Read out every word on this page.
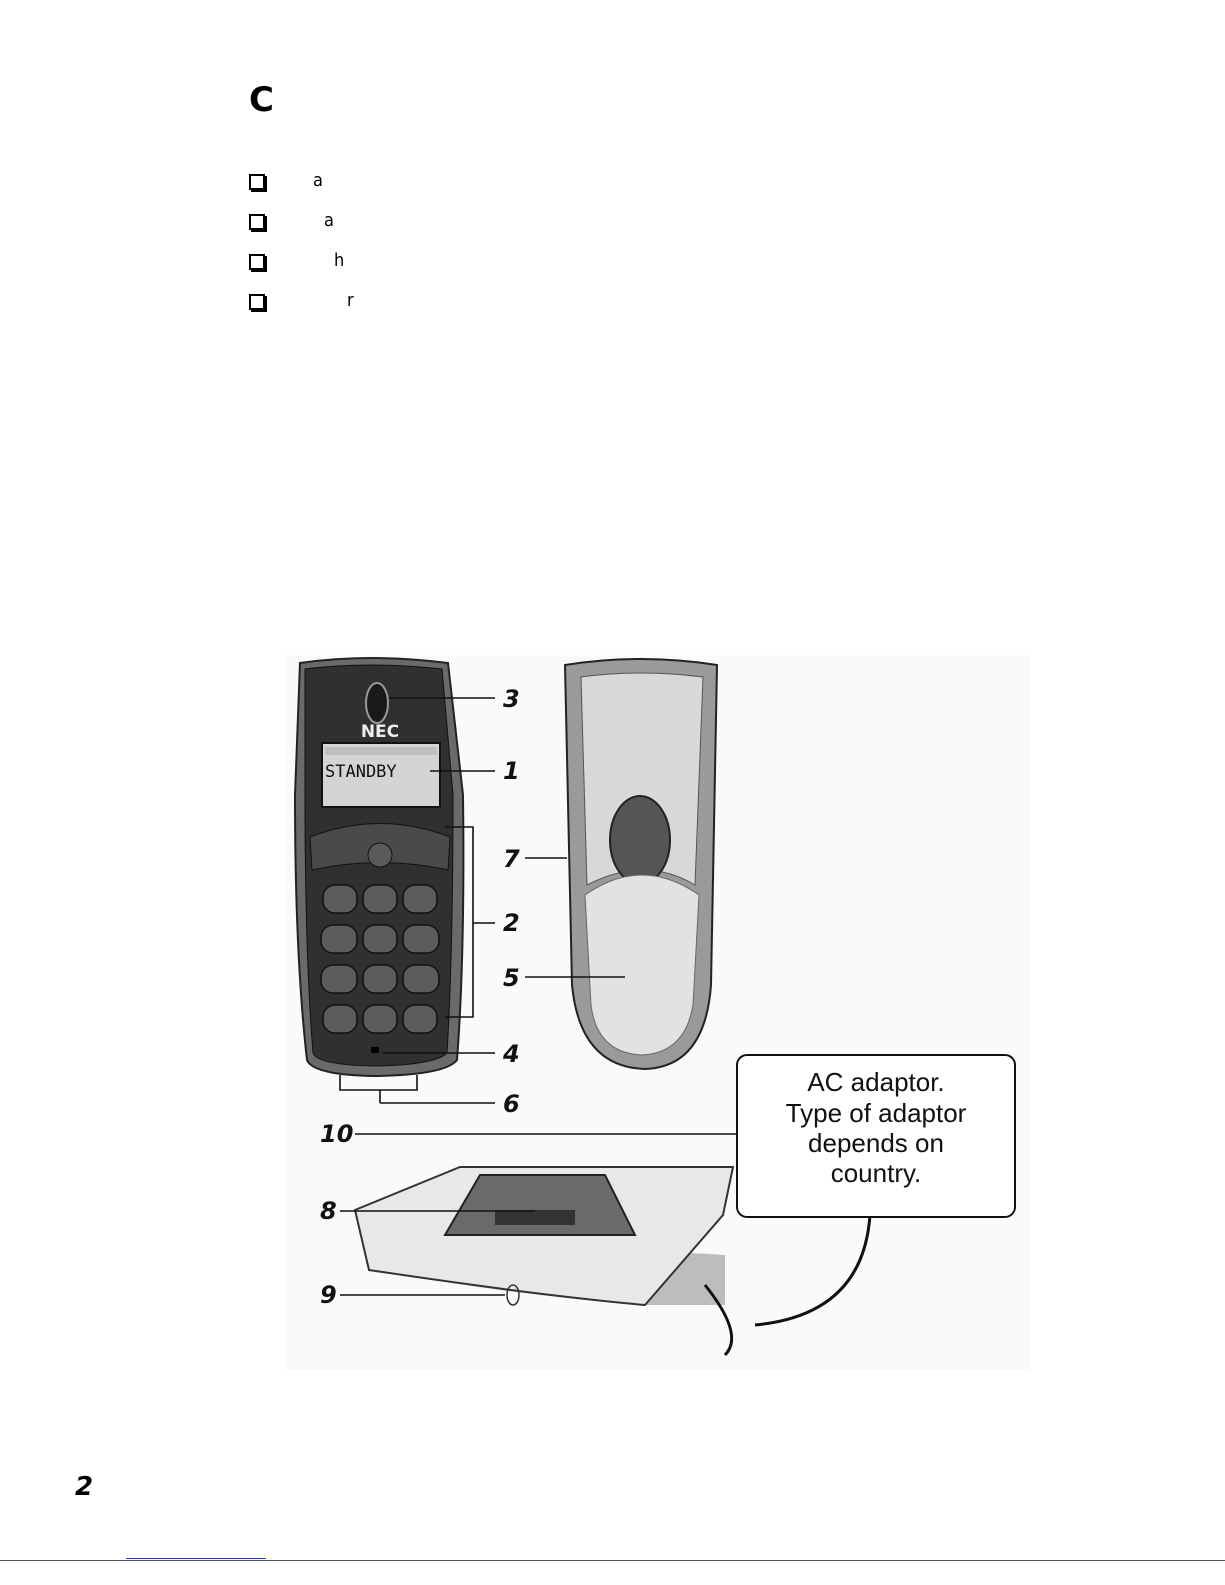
C
a
a
h
r
NEC
STANDBY
AC adaptor.
Type of adaptor
depends on
country.
3
1
2
4
6
7
5
10
8
9
2
